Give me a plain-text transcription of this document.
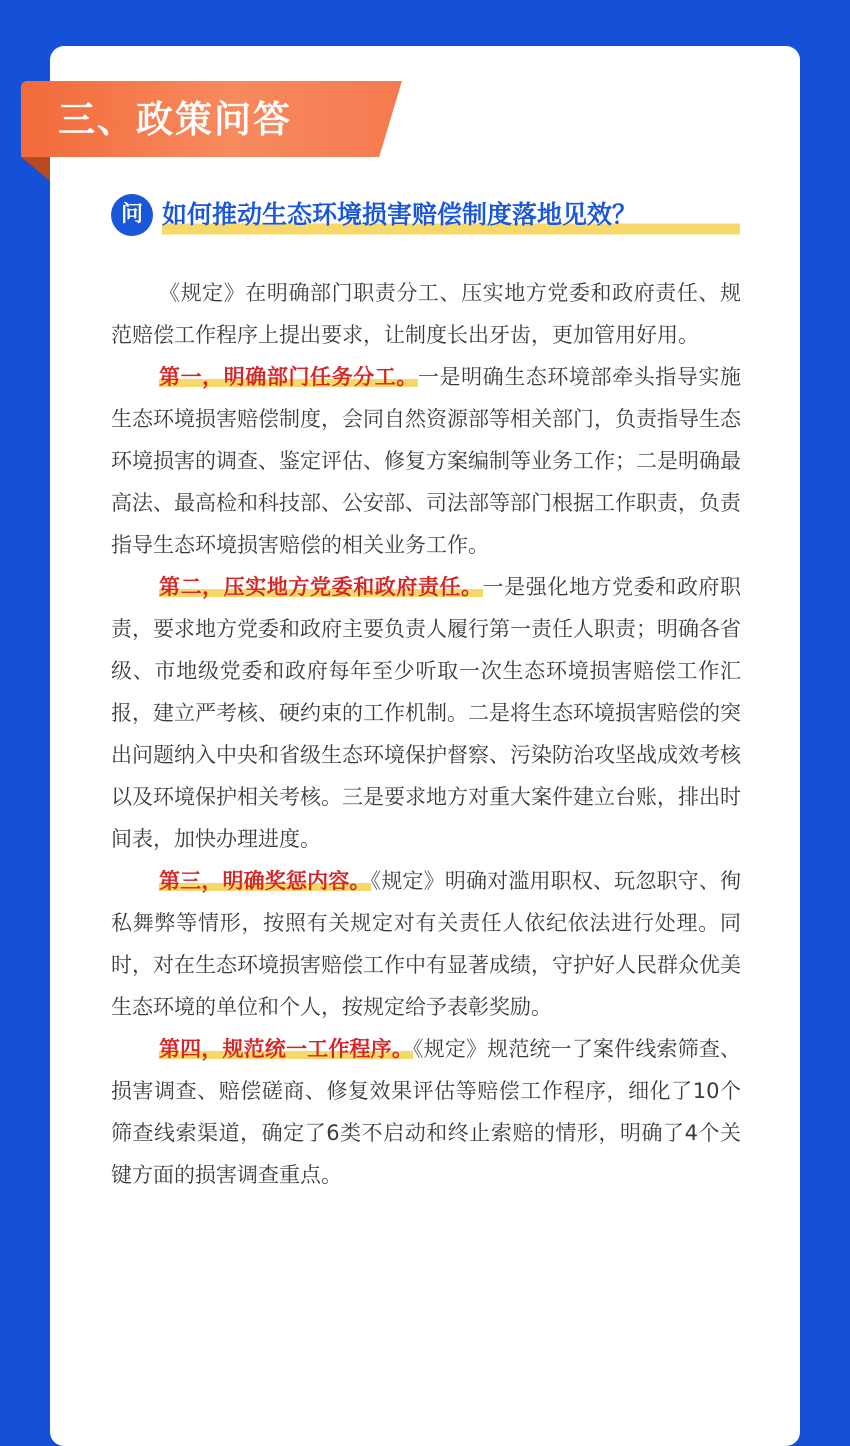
三、政策问答
问 如何推动生态环境损害赔偿制度落地见效？

《规定》在明确部门职责分工、压实地方党委和政府责任、规范赔偿工作程序上提出要求，让制度长出牙齿，更加管用好用。

第一，明确部门任务分工。一是明确生态环境部牵头指导实施生态环境损害赔偿制度，会同自然资源部等相关部门，负责指导生态环境损害的调查、鉴定评估、修复方案编制等业务工作；二是明确最高法、最高检和科技部、公安部、司法部等部门根据工作职责，负责指导生态环境损害赔偿的相关业务工作。

第二，压实地方党委和政府责任。一是强化地方党委和政府职责，要求地方党委和政府主要负责人履行第一责任人职责；明确各省级、市地级党委和政府每年至少听取一次生态环境损害赔偿工作汇报，建立严考核、硬约束的工作机制。二是将生态环境损害赔偿的突出问题纳入中央和省级生态环境保护督察、污染防治攻坚战成效考核以及环境保护相关考核。三是要求地方对重大案件建立台账，排出时间表，加快办理进度。

第三，明确奖惩内容。《规定》明确对滥用职权、玩忽职守、徇私舞弊等情形，按照有关规定对有关责任人依纪依法进行处理。同时，对在生态环境损害赔偿工作中有显著成绩，守护好人民群众优美生态环境的单位和个人，按规定给予表彰奖励。

第四，规范统一工作程序。《规定》规范统一了案件线索筛查、损害调查、赔偿磋商、修复效果评估等赔偿工作程序，细化了10个筛查线索渠道，确定了6类不启动和终止索赔的情形，明确了4个关键方面的损害调查重点。
